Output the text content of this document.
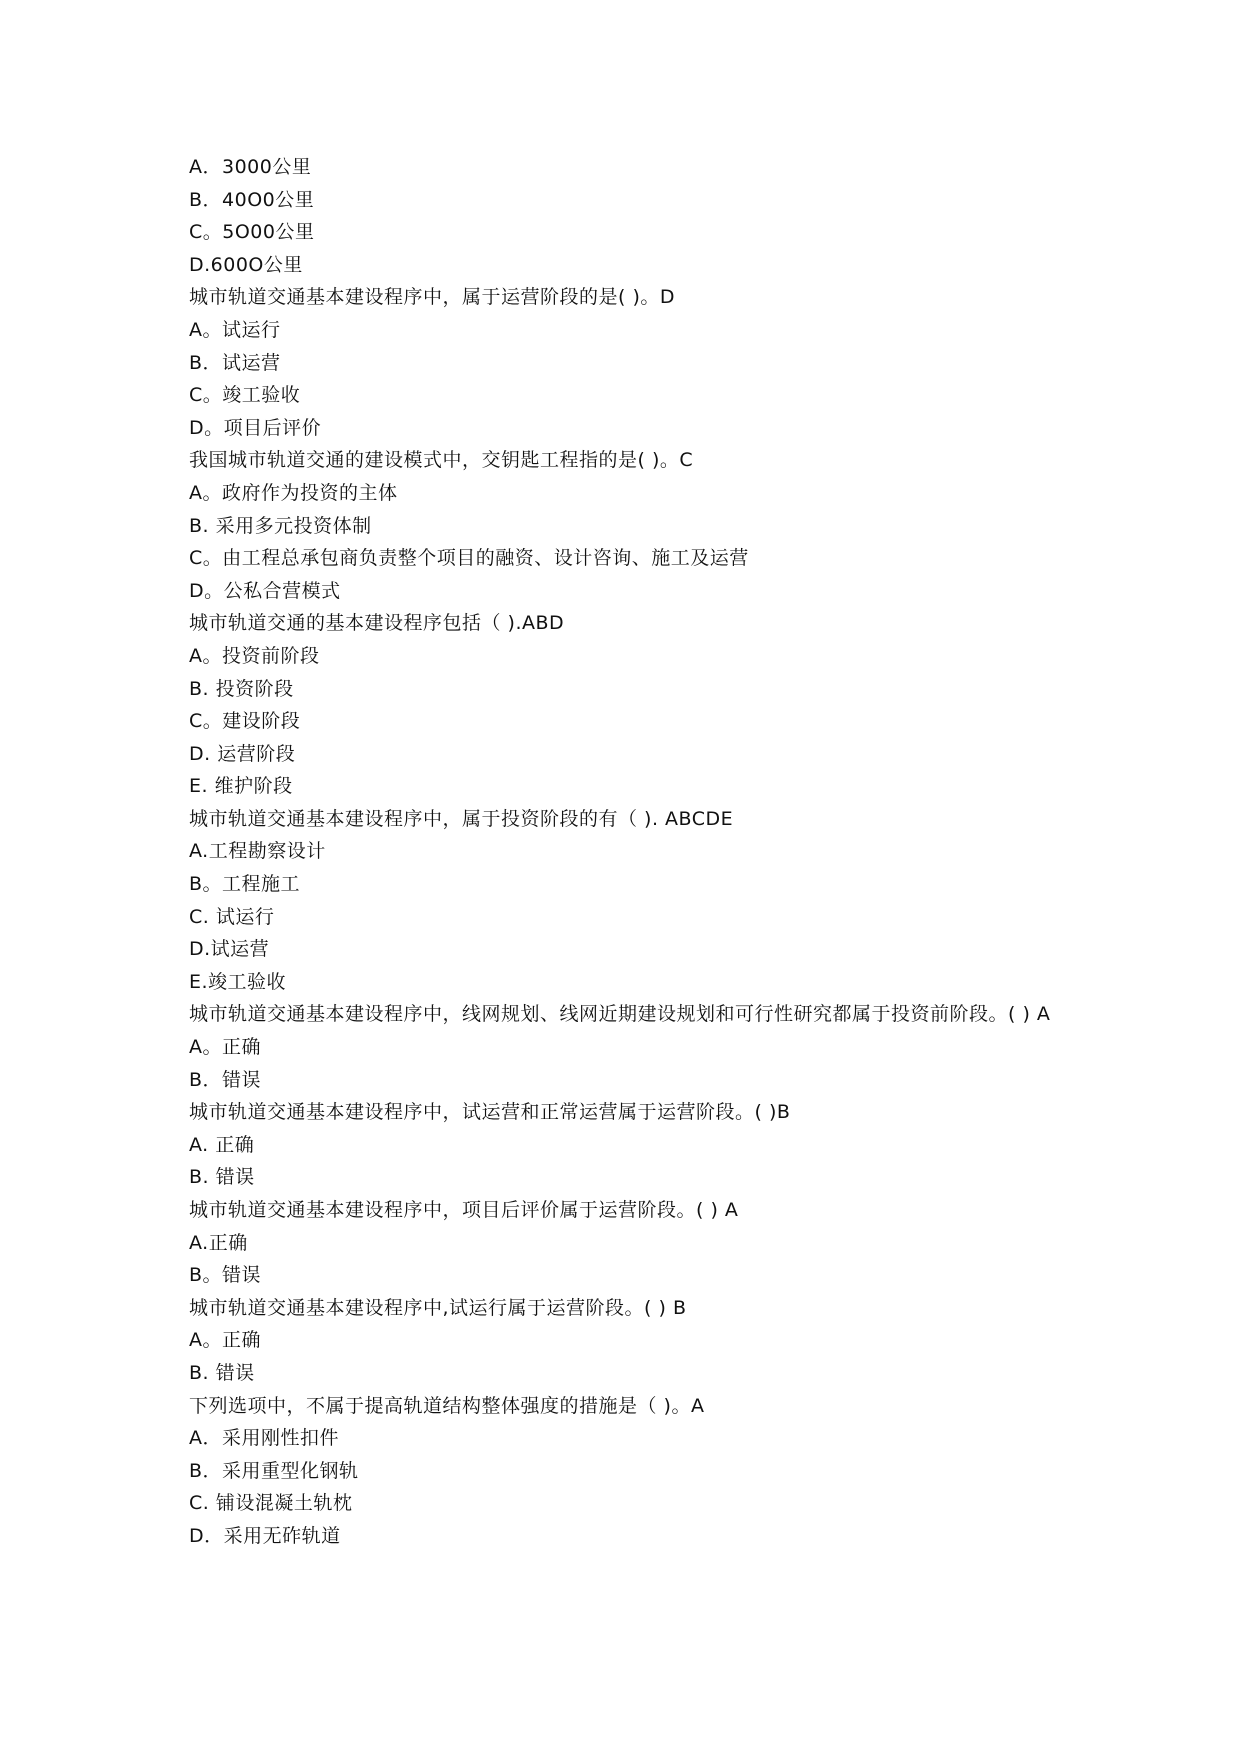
A．3000公里
B．40O0公里
C。5O00公里
D.600O公里
城市轨道交通基本建设程序中，属于运营阶段的是( )。D
A。试运行
B．试运营
C。竣工验收
D。项目后评价
我国城市轨道交通的建设模式中，交钥匙工程指的是( )。C
A。政府作为投资的主体
B. 采用多元投资体制
C。由工程总承包商负责整个项目的融资、设计咨询、施工及运营
D。公私合营模式
城市轨道交通的基本建设程序包括（ ).ABD
A。投资前阶段
B. 投资阶段
C。建设阶段
D. 运营阶段
E. 维护阶段
城市轨道交通基本建设程序中，属于投资阶段的有（ ). ABCDE
A.工程勘察设计
B。工程施工
C. 试运行
D.试运营
E.竣工验收
城市轨道交通基本建设程序中，线网规划、线网近期建设规划和可行性研究都属于投资前阶段。( ) A
A。正确
B．错误
城市轨道交通基本建设程序中，试运营和正常运营属于运营阶段。( )B
A. 正确
B. 错误
城市轨道交通基本建设程序中，项目后评价属于运营阶段。( ) A
A.正确
B。错误
城市轨道交通基本建设程序中,试运行属于运营阶段。( ) B
A。正确
B. 错误
下列选项中，不属于提高轨道结构整体强度的措施是（ )。A
A．采用刚性扣件
B．采用重型化钢轨
C. 铺设混凝土轨枕
D．采用无砟轨道
